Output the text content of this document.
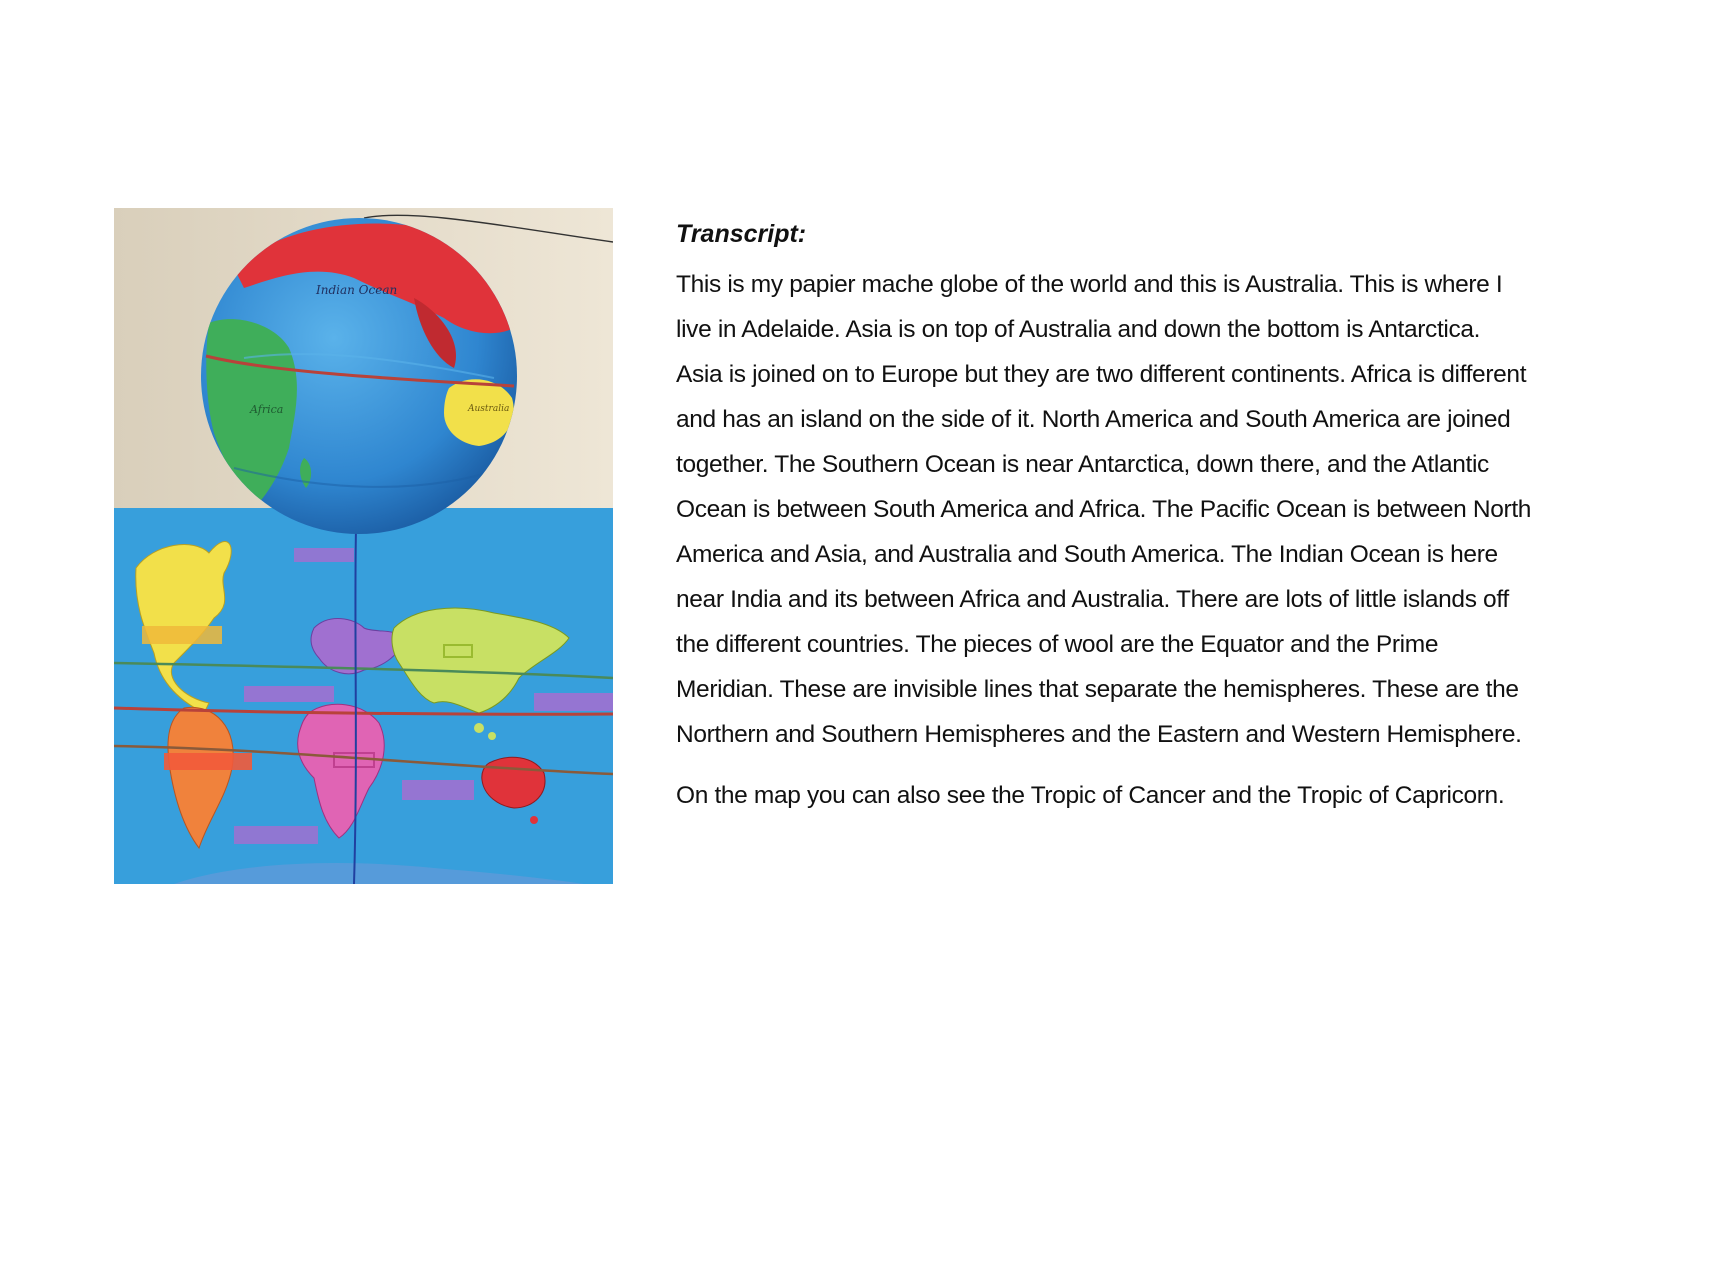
Indian Ocean
Africa	Australia

Transcript:

This is my papier mache globe of the world and this is Australia. This is where I
live in Adelaide. Asia is on top of Australia and down the bottom is Antarctica.
Asia is joined on to Europe but they are two different continents. Africa is different
and has an island on the side of it. North America and South America are joined
together. The Southern Ocean is near Antarctica, down there, and the Atlantic
Ocean is between South America and Africa. The Pacific Ocean is between North
America and Asia, and Australia and South America. The Indian Ocean is here
near India and its between Africa and Australia. There are lots of little islands off
the different countries. The pieces of wool are the Equator and the Prime
Meridian. These are invisible lines that separate the hemispheres. These are the
Northern and Southern Hemispheres and the Eastern and Western Hemisphere.

On the map you can also see the Tropic of Cancer and the Tropic of Capricorn.
